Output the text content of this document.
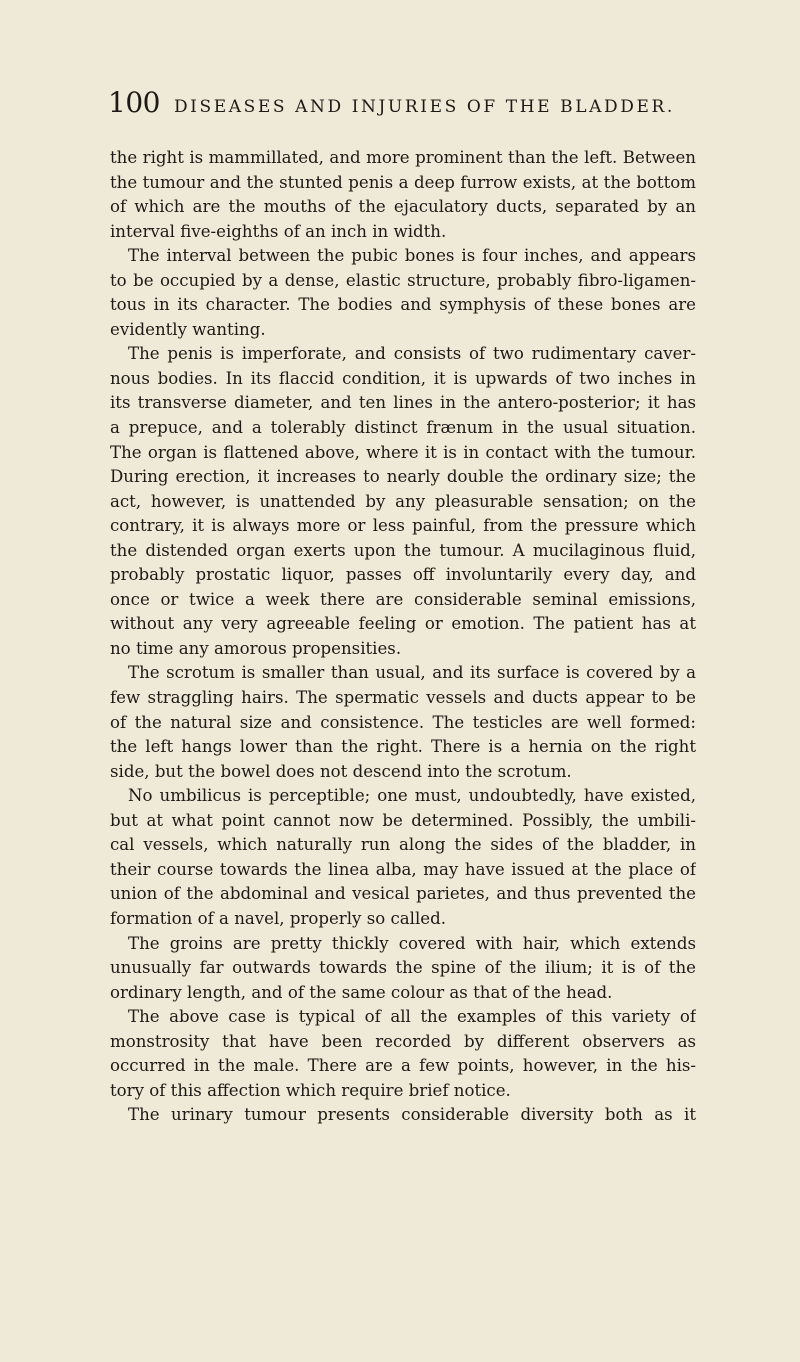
100 DISEASES AND INJURIES OF THE BLADDER.
the right is mammillated, and more prominent than the left. Between
the tumour and the stunted penis a deep furrow exists, at the bottom
of which are the mouths of the ejaculatory ducts, separated by an
interval five-eighths of an inch in width.
The interval between the pubic bones is four inches, and appears
to be occupied by a dense, elastic structure, probably fibro-ligamen-
tous in its character. The bodies and symphysis of these bones are
evidently wanting.
The penis is imperforate, and consists of two rudimentary caver-
nous bodies. In its flaccid condition, it is upwards of two inches in
its transverse diameter, and ten lines in the antero-posterior; it has
a prepuce, and a tolerably distinct frænum in the usual situation.
The organ is flattened above, where it is in contact with the tumour.
During erection, it increases to nearly double the ordinary size; the
act, however, is unattended by any pleasurable sensation; on the
contrary, it is always more or less painful, from the pressure which
the distended organ exerts upon the tumour. A mucilaginous fluid,
probably prostatic liquor, passes off involuntarily every day, and
once or twice a week there are considerable seminal emissions,
without any very agreeable feeling or emotion. The patient has at
no time any amorous propensities.
The scrotum is smaller than usual, and its surface is covered by a
few straggling hairs. The spermatic vessels and ducts appear to be
of the natural size and consistence. The testicles are well formed:
the left hangs lower than the right. There is a hernia on the right
side, but the bowel does not descend into the scrotum.
No umbilicus is perceptible; one must, undoubtedly, have existed,
but at what point cannot now be determined. Possibly, the umbili-
cal vessels, which naturally run along the sides of the bladder, in
their course towards the linea alba, may have issued at the place of
union of the abdominal and vesical parietes, and thus prevented the
formation of a navel, properly so called.
The groins are pretty thickly covered with hair, which extends
unusually far outwards towards the spine of the ilium; it is of the
ordinary length, and of the same colour as that of the head.
The above case is typical of all the examples of this variety of
monstrosity that have been recorded by different observers as
occurred in the male. There are a few points, however, in the his-
tory of this affection which require brief notice.
The urinary tumour presents considerable diversity both as it
